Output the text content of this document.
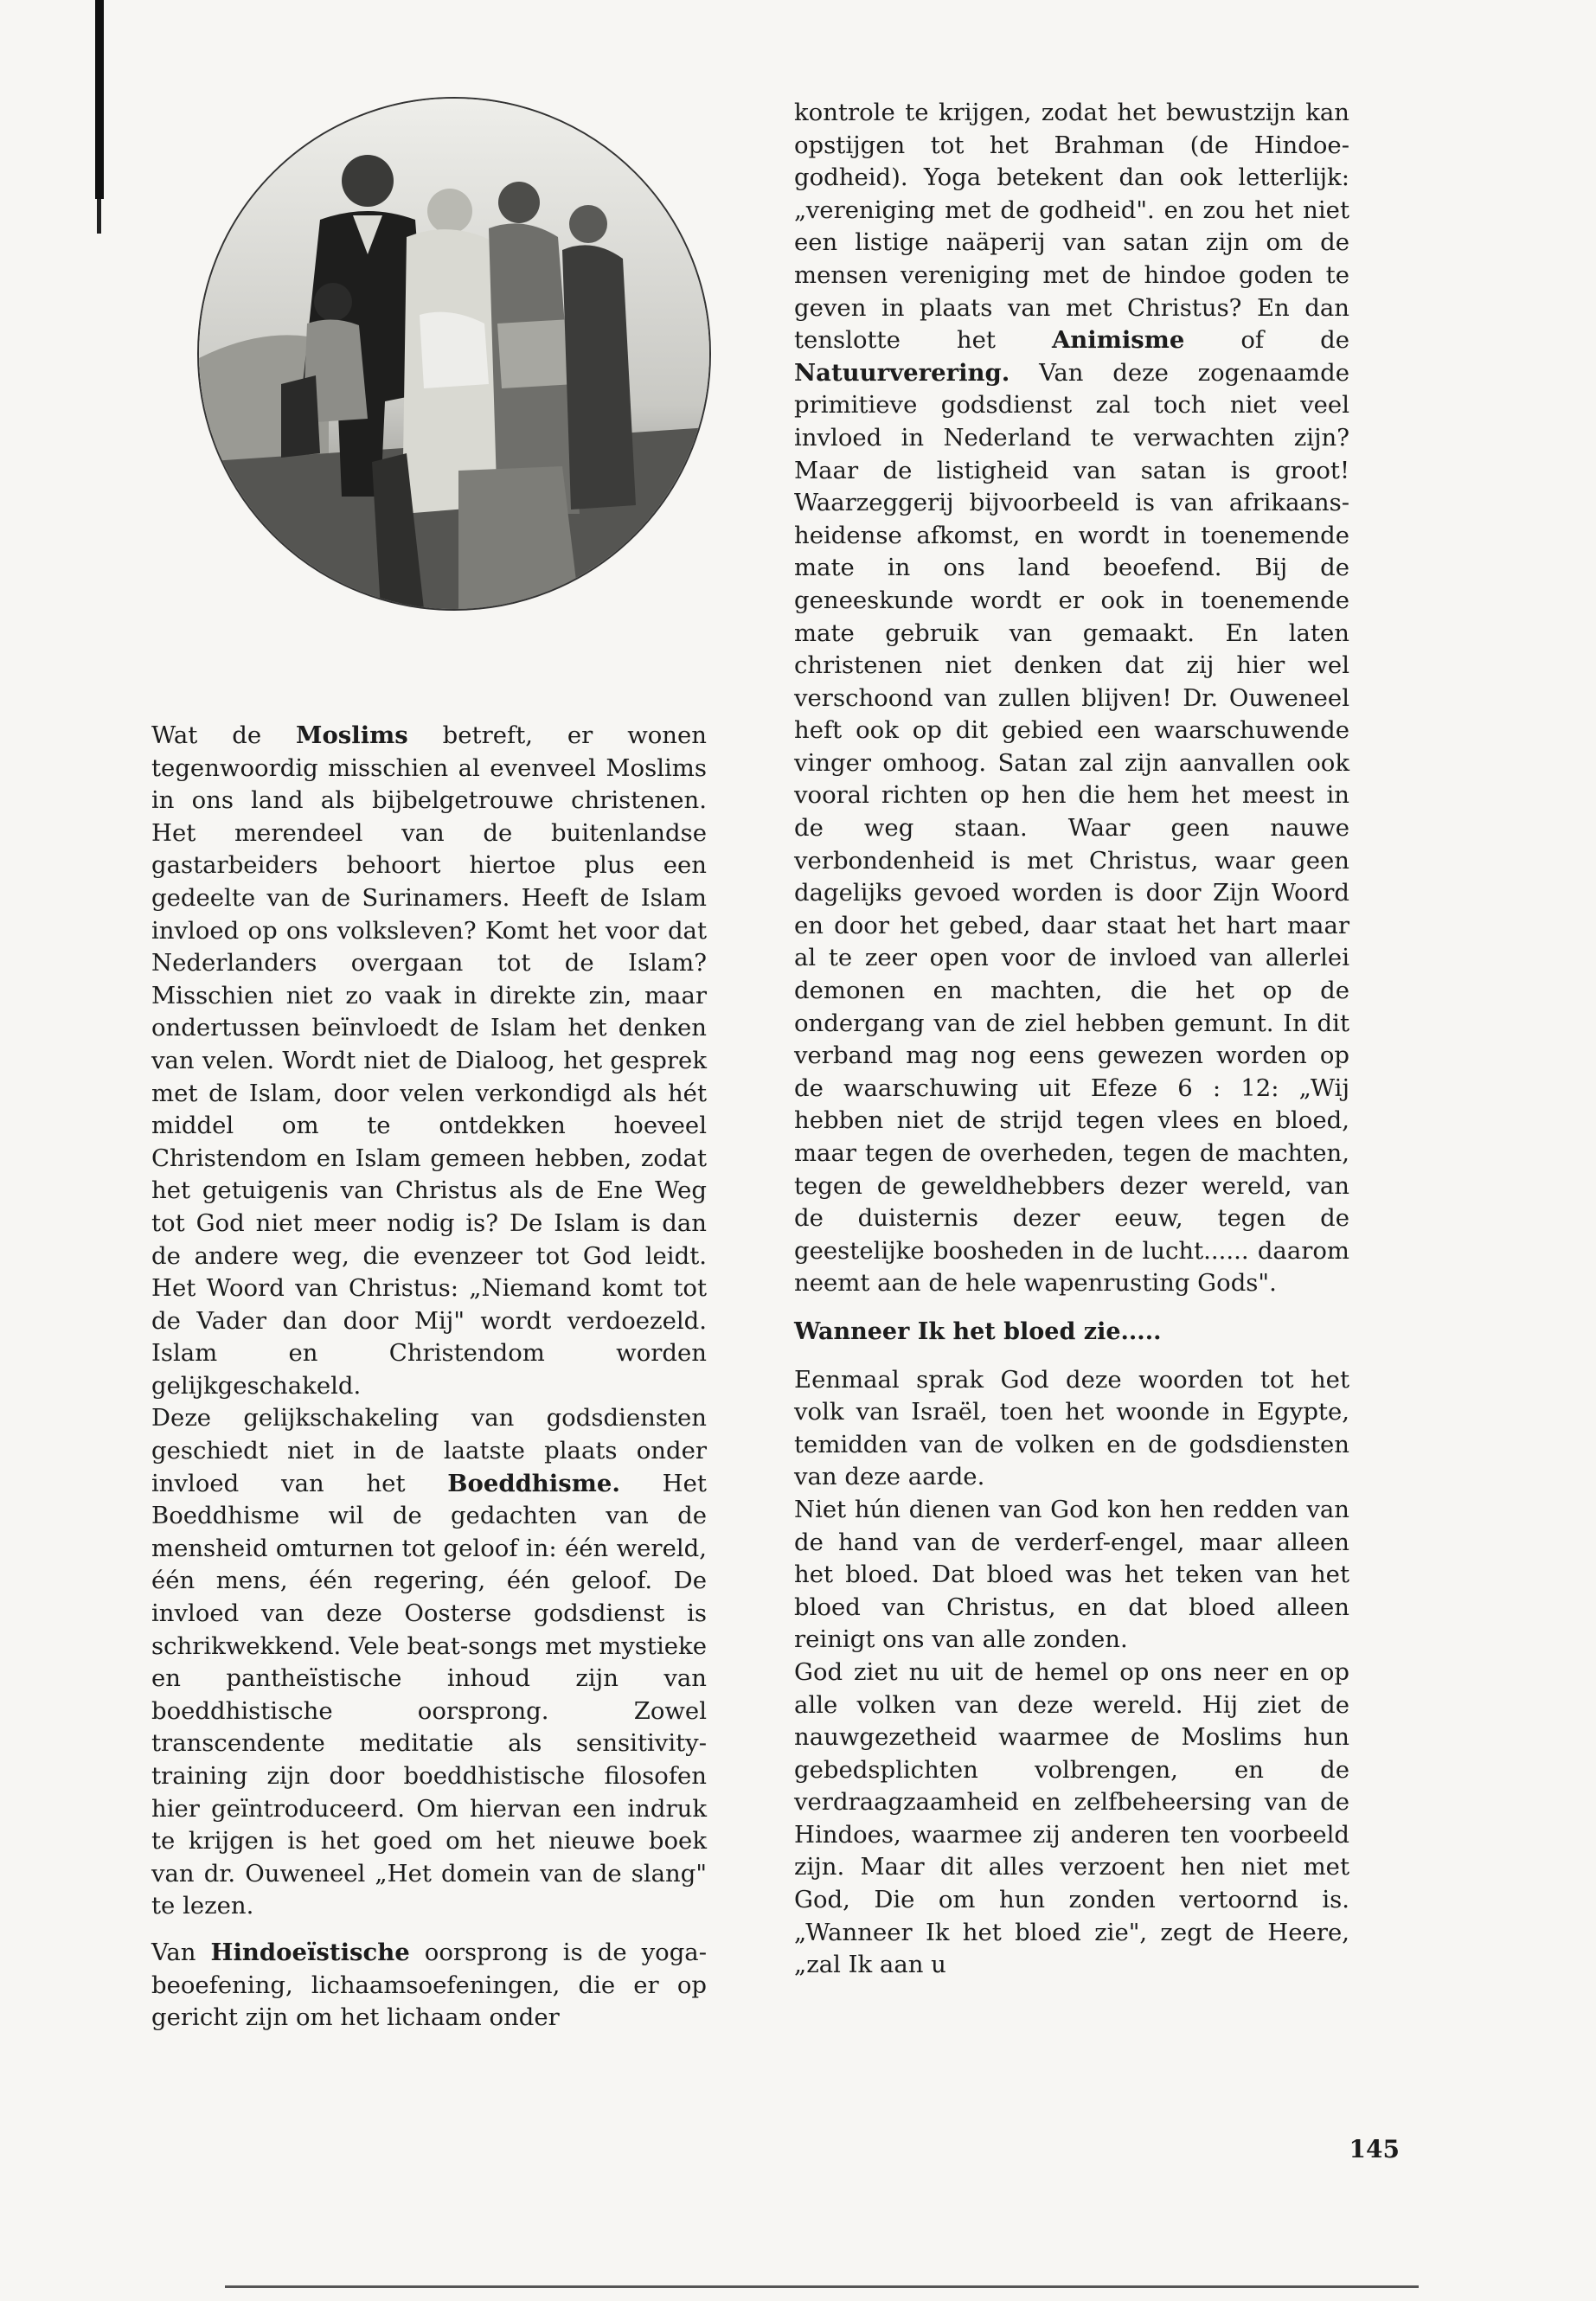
Wat de Moslims betreft, er wonen tegenwoordig misschien al evenveel Moslims in ons land als bijbelgetrouwe christenen. Het merendeel van de buitenlandse gastarbeiders behoort hiertoe plus een gedeelte van de Surinamers. Heeft de Islam invloed op ons volksleven? Komt het voor dat Nederlanders overgaan tot de Islam? Misschien niet zo vaak in direkte zin, maar ondertussen beïnvloedt de Islam het denken van velen. Wordt niet de Dialoog, het gesprek met de Islam, door velen verkondigd als hét middel om te ontdekken hoeveel Christendom en Islam gemeen hebben, zodat het getuigenis van Christus als de Ene Weg tot God niet meer nodig is? De Islam is dan de andere weg, die evenzeer tot God leidt. Het Woord van Christus: „Niemand komt tot de Vader dan door Mij" wordt verdoezeld. Islam en Christendom worden gelijkgeschakeld.

Deze gelijkschakeling van godsdiensten geschiedt niet in de laatste plaats onder invloed van het Boeddhisme. Het Boeddhisme wil de gedachten van de mensheid omturnen tot geloof in: één wereld, één mens, één regering, één geloof. De invloed van deze Oosterse godsdienst is schrikwekkend. Vele beat-songs met mystieke en pantheïstische inhoud zijn van boeddhistische oorsprong. Zowel transcendente meditatie als sensitivity-training zijn door boeddhistische filosofen hier geïntroduceerd. Om hiervan een indruk te krijgen is het goed om het nieuwe boek van dr. Ouweneel „Het domein van de slang" te lezen.

Van Hindoeïstische oorsprong is de yoga-beoefening, lichaamsoefeningen, die er op gericht zijn om het lichaam onder

kontrole te krijgen, zodat het bewustzijn kan opstijgen tot het Brahman (de Hindoe-godheid). Yoga betekent dan ook letterlijk: „vereniging met de godheid". en zou het niet een listige naäperij van satan zijn om de mensen vereniging met de hindoe goden te geven in plaats van met Christus? En dan tenslotte het Animisme of de Natuurverering. Van deze zogenaamde primitieve godsdienst zal toch niet veel invloed in Nederland te verwachten zijn? Maar de listigheid van satan is groot! Waarzeggerij bijvoorbeeld is van afrikaans-heidense afkomst, en wordt in toenemende mate in ons land beoefend. Bij de geneeskunde wordt er ook in toenemende mate gebruik van gemaakt. En laten christenen niet denken dat zij hier wel verschoond van zullen blijven! Dr. Ouweneel heft ook op dit gebied een waarschuwende vinger omhoog. Satan zal zijn aanvallen ook vooral richten op hen die hem het meest in de weg staan. Waar geen nauwe verbondenheid is met Christus, waar geen dagelijks gevoed worden is door Zijn Woord en door het gebed, daar staat het hart maar al te zeer open voor de invloed van allerlei demonen en machten, die het op de ondergang van de ziel hebben gemunt. In dit verband mag nog eens gewezen worden op de waarschuwing uit Efeze 6 : 12: „Wij hebben niet de strijd tegen vlees en bloed, maar tegen de overheden, tegen de machten, tegen de geweldhebbers dezer wereld, van de duisternis dezer eeuw, tegen de geestelijke boosheden in de lucht...... daarom neemt aan de hele wapenrusting Gods".

Wanneer Ik het bloed zie.....

Eenmaal sprak God deze woorden tot het volk van Israël, toen het woonde in Egypte, temidden van de volken en de godsdiensten van deze aarde.

Niet hún dienen van God kon hen redden van de hand van de verderf-engel, maar alleen het bloed. Dat bloed was het teken van het bloed van Christus, en dat bloed alleen reinigt ons van alle zonden.

God ziet nu uit de hemel op ons neer en op alle volken van deze wereld. Hij ziet de nauwgezetheid waarmee de Moslims hun gebedsplichten volbrengen, en de verdraagzaamheid en zelfbeheersing van de Hindoes, waarmee zij anderen ten voorbeeld zijn. Maar dit alles verzoent hen niet met God, Die om hun zonden vertoornd is. „Wanneer Ik het bloed zie", zegt de Heere, „zal Ik aan u

145
